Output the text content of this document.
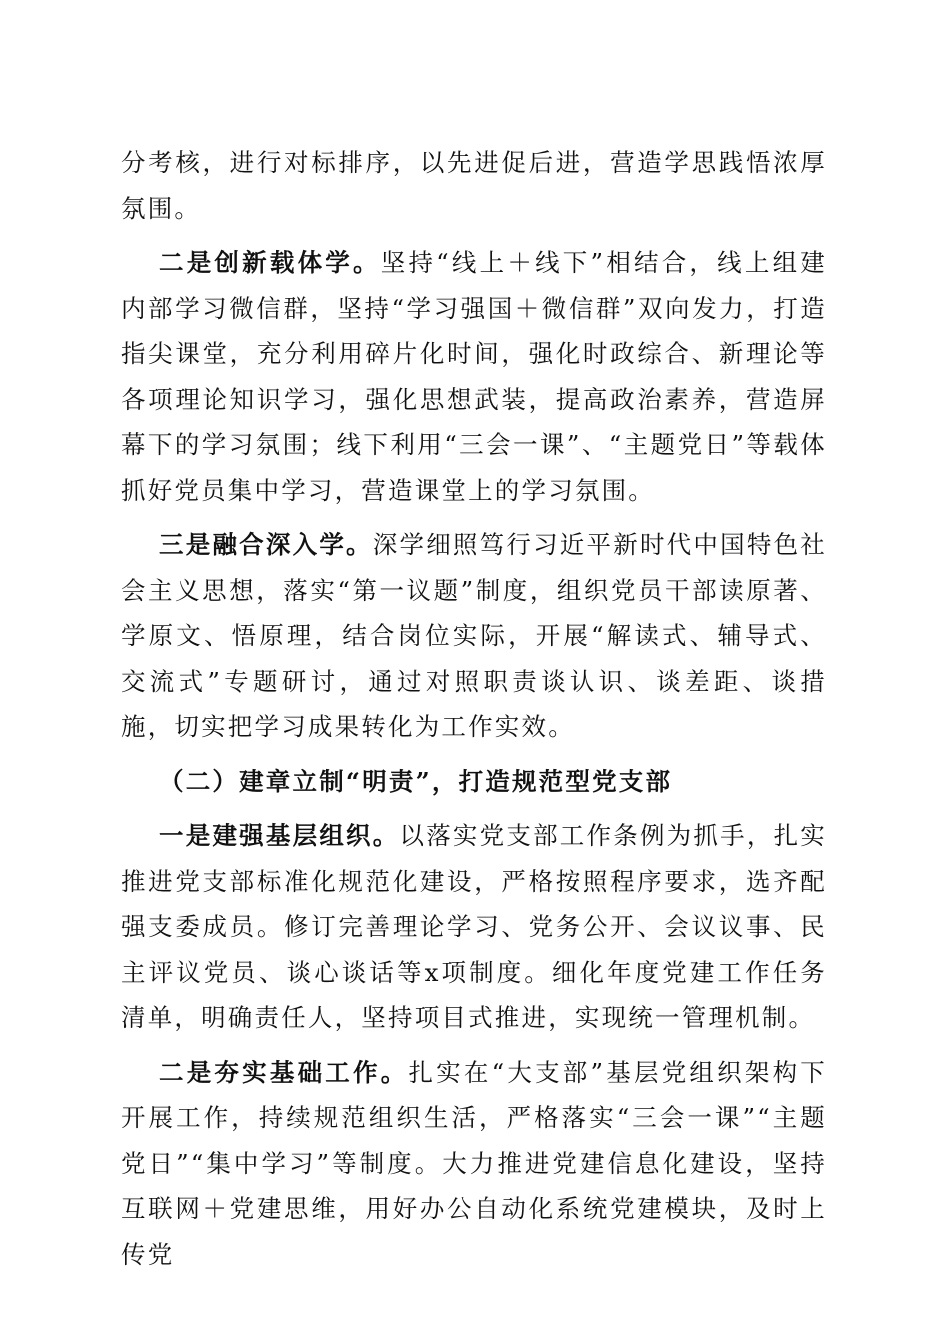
分考核，进行对标排序，以先进促后进，营造学思践悟浓厚氛围。

二是创新载体学。坚持“线上＋线下”相结合，线上组建内部学习微信群，坚持“学习强国＋微信群”双向发力，打造指尖课堂，充分利用碎片化时间，强化时政综合、新理论等各项理论知识学习，强化思想武装，提高政治素养，营造屏幕下的学习氛围；线下利用“三会一课”、“主题党日”等载体抓好党员集中学习，营造课堂上的学习氛围。

三是融合深入学。深学细照笃行习近平新时代中国特色社会主义思想，落实“第一议题”制度，组织党员干部读原著、学原文、悟原理，结合岗位实际，开展“解读式、辅导式、交流式”专题研讨，通过对照职责谈认识、谈差距、谈措施，切实把学习成果转化为工作实效。

（二）建章立制“明责”，打造规范型党支部

一是建强基层组织。以落实党支部工作条例为抓手，扎实推进党支部标准化规范化建设，严格按照程序要求，选齐配强支委成员。修订完善理论学习、党务公开、会议议事、民主评议党员、谈心谈话等x项制度。细化年度党建工作任务清单，明确责任人，坚持项目式推进，实现统一管理机制。

二是夯实基础工作。扎实在“大支部”基层党组织架构下开展工作，持续规范组织生活，严格落实“三会一课”“主题党日”“集中学习”等制度。大力推进党建信息化建设，坚持互联网＋党建思维，用好办公自动化系统党建模块，及时上传党
